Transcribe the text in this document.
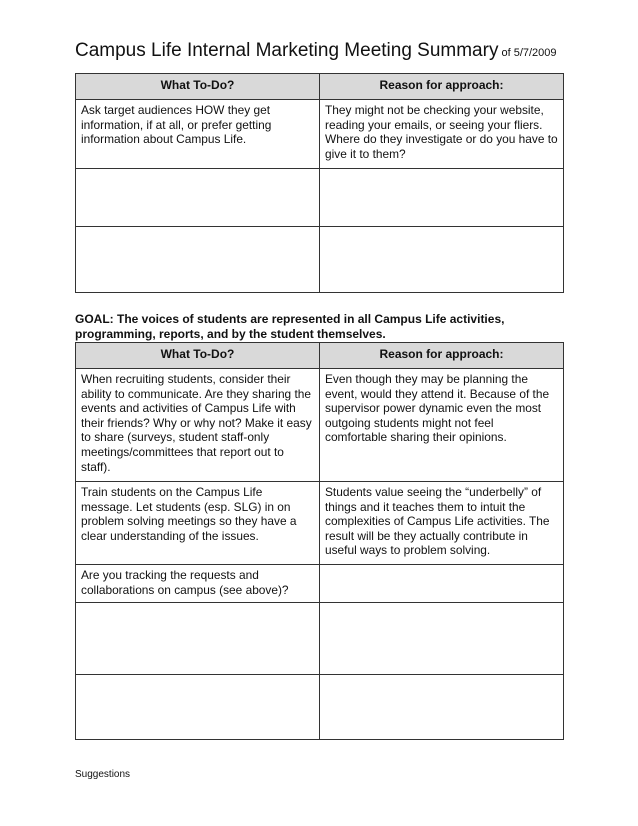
Campus Life Internal Marketing Meeting Summary of 5/7/2009
What To-Do?	Reason for approach:
Ask target audiences HOW they get information, if at all, or prefer getting information about Campus Life.	They might not be checking your website, reading your emails, or seeing your fliers. Where do they investigate or do you have to give it to them?

GOAL: The voices of students are represented in all Campus Life activities, programming, reports, and by the student themselves.
What To-Do?	Reason for approach:
When recruiting students, consider their ability to communicate. Are they sharing the events and activities of Campus Life with their friends? Why or why not? Make it easy to share (surveys, student staff-only meetings/committees that report out to staff).	Even though they may be planning the event, would they attend it. Because of the supervisor power dynamic even the most outgoing students might not feel comfortable sharing their opinions.
Train students on the Campus Life message. Let students (esp. SLG) in on problem solving meetings so they have a clear understanding of the issues.	Students value seeing the “underbelly” of things and it teaches them to intuit the complexities of Campus Life activities. The result will be they actually contribute in useful ways to problem solving.
Are you tracking the requests and collaborations on campus (see above)?	

Suggestions
